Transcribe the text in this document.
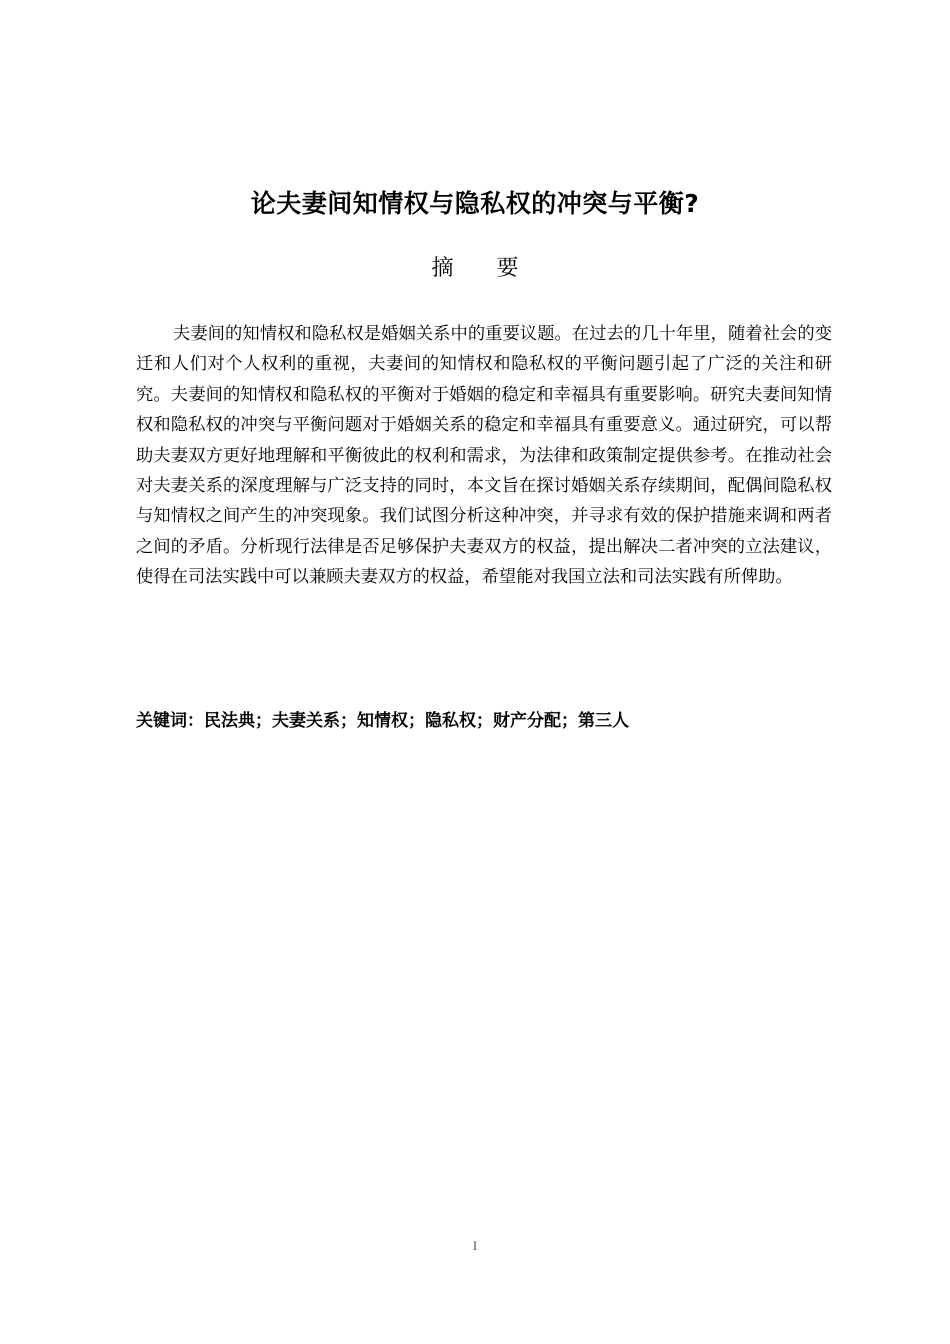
论夫妻间知情权与隐私权的冲突与平衡?
摘 要
夫妻间的知情权和隐私权是婚姻关系中的重要议题。在过去的几十年里，随着社会的变迁和人们对个人权利的重视，夫妻间的知情权和隐私权的平衡问题引起了广泛的关注和研究。夫妻间的知情权和隐私权的平衡对于婚姻的稳定和幸福具有重要影响。研究夫妻间知情权和隐私权的冲突与平衡问题对于婚姻关系的稳定和幸福具有重要意义。通过研究，可以帮助夫妻双方更好地理解和平衡彼此的权利和需求，为法律和政策制定提供参考。在推动社会对夫妻关系的深度理解与广泛支持的同时，本文旨在探讨婚姻关系存续期间，配偶间隐私权与知情权之间产生的冲突现象。我们试图分析这种冲突，并寻求有效的保护措施来调和两者之间的矛盾。分析现行法律是否足够保护夫妻双方的权益，提出解决二者冲突的立法建议，使得在司法实践中可以兼顾夫妻双方的权益，希望能对我国立法和司法实践有所俾助。
关键词：民法典；夫妻关系；知情权；隐私权；财产分配；第三人
I
